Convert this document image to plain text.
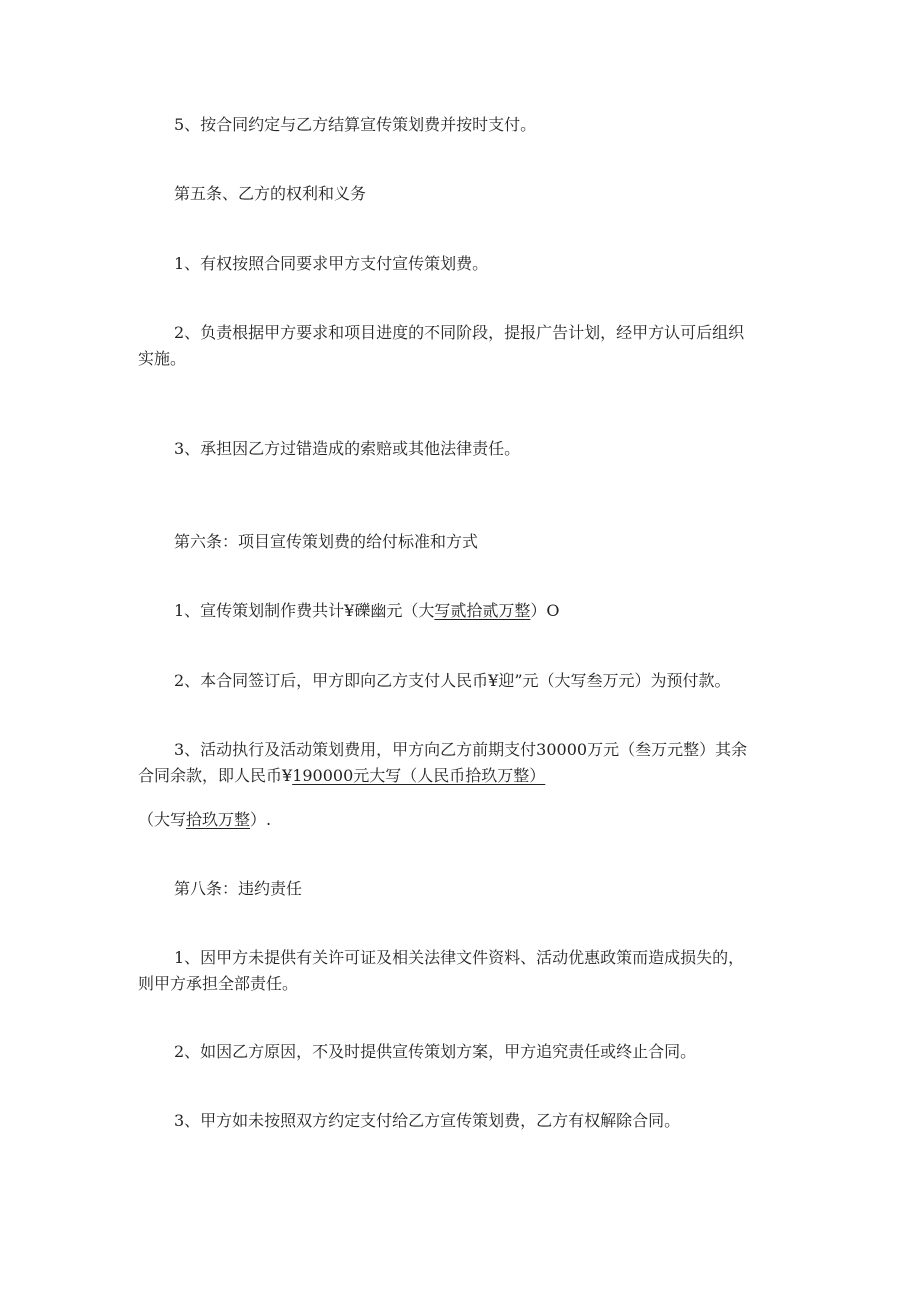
5、按合同约定与乙方结算宣传策划费并按时支付。

第五条、乙方的权利和义务

1、有权按照合同要求甲方支付宣传策划费。

2、负责根据甲方要求和项目进度的不同阶段，提报广告计划，经甲方认可后组织
实施。

3、承担因乙方过错造成的索赔或其他法律责任。

第六条：项目宣传策划费的给付标准和方式

1、宣传策划制作费共计¥礫幽元（大写贰拾贰万整）O

2、本合同签订后，甲方即向乙方支付人民币¥迎”元（大写叁万元）为预付款。

3、活动执行及活动策划费用，甲方向乙方前期支付30000万元（叁万元整）其余
合同余款，即人民币¥190000元大写（人民币拾玖万整）

（大写拾玖万整）.

第八条：违约责任

1、因甲方未提供有关许可证及相关法律文件资料、活动优惠政策而造成损失的，
则甲方承担全部责任。

2、如因乙方原因，不及时提供宣传策划方案，甲方追究责任或终止合同。

3、甲方如未按照双方约定支付给乙方宣传策划费，乙方有权解除合同。
